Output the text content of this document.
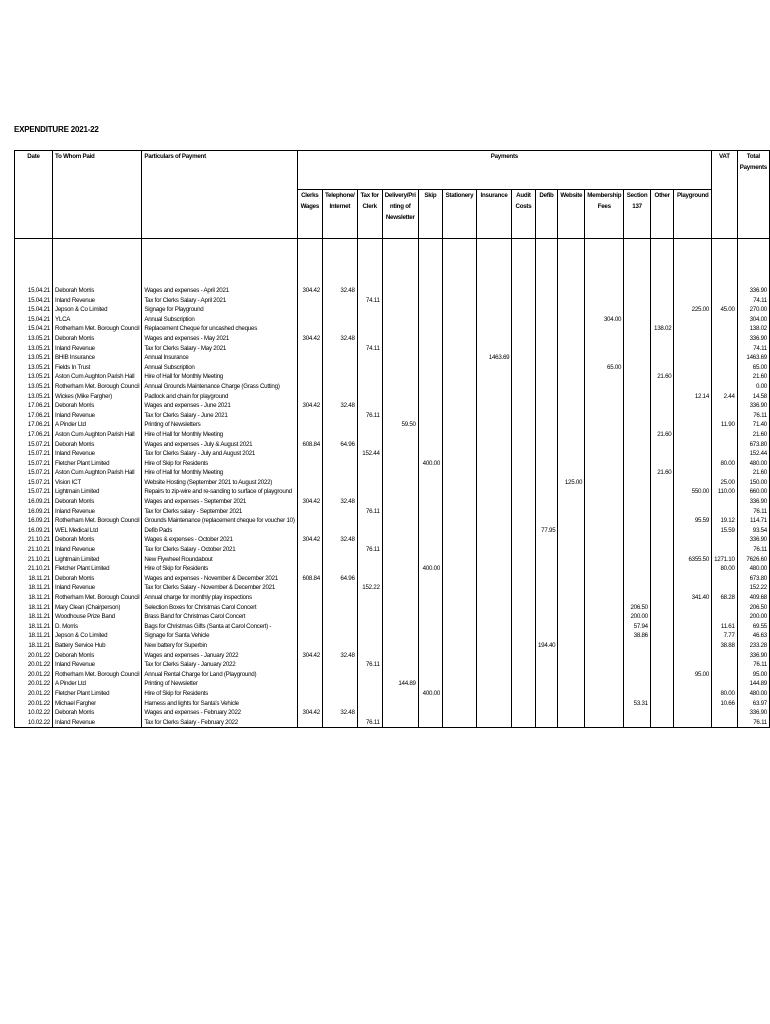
EXPENDITURE 2021-22
Date	To Whom Paid	Particulars of Payment	Payments														VAT	Total Payments
			Clerks Wages	Telephone/ Internet	Tax for Clerk	Delivery/Pri nting of Newsletter	Skip	Stationery	Insurance	Audit Costs	Defib	Website	Membership Fees	Section 137	Other	Playground		

15.04.21	Deborah Morris	Wages and expenses - April 2021	304.42	32.48														336.90
15.04.21	Inland Revenue	Tax for Clerks Salary - April 2021			74.11													74.11
15.04.21	Jepson & Co Limited	Signage for Playground														225.00	45.00	270.00
15.04.21	YLCA	Annual Subscription											304.00					304.00
15.04.21	Rotherham Met. Borough Council	Replacement Cheque for uncashed cheques													138.02			138.02
13.05.21	Deborah Morris	Wages and expenses - May 2021	304.42	32.48														336.90
13.05.21	Inland Revenue	Tax for Clerks Salary - May 2021			74.11													74.11
13.05.21	BHIB Insurance	Annual Insurance							1463.69									1463.69
13.05.21	Fields In Trust	Annual Subscription											65.00					65.00
13.05.21	Aston Cum Aughton Parish Hall	Hire of Hall for Monthly Meeting													21.60			21.60
13.05.21	Rotherham Met. Borough Council	Annual Grounds Maintenance Charge (Grass Cutting)																0.00
13.05.21	Wickes (Mike Fargher)	Padlock and chain for playground														12.14	2.44	14.58
17.06.21	Deborah Morris	Wages and expenses - June 2021	304.42	32.48														336.90
17.06.21	Inland Revenue	Tax for Clerks Salary - June 2021			76.11													76.11
17.06.21	A Pinder Ltd	Printing of Newsletters				59.50											11.90	71.40
17.06.21	Aston Cum Aughton Parish Hall	Hire of Hall for Monthly Meeting													21.60			21.60
15.07.21	Deborah Morris	Wages and expenses - July & August 2021	608.84	64.96														673.80
15.07.21	Inland Revenue	Tax for Clerks Salary - July and August 2021			152.44													152.44
15.07.21	Fletcher Plant Limited	Hire of Skip for Residents					400.00										80.00	480.00
15.07.21	Aston Cum Aughton Parish Hall	Hire of Hall for Monthly Meeting													21.60			21.60
15.07.21	Vision ICT	Website Hosting (September 2021 to August 2022)										125.00					25.00	150.00
15.07.21	Lightmain Limited	Repairs to zip-wire and re-sanding to surface of playground														550.00	110.00	660.00
16.09.21	Deborah Morris	Wages and expenses - September 2021	304.42	32.48														336.90
16.09.21	Inland Revenue	Tax for Clerks salary - September 2021			76.11													76.11
16.09.21	Rotherham Met. Borough Council	Grounds Maintenance (replacement cheque for voucher 10)														95.59	19.12	114.71
16.09.21	WEL Medical Ltd	Defib Pads									77.95						15.59	93.54
21.10.21	Deborah Morris	Wages & expenses - October 2021	304.42	32.48														336.90
21.10.21	Inland Revenue	Tax for Clerks Salary - October 2021			76.11													76.11
21.10.21	Lightmain Limited	New Flywheel Roundabout														6355.50	1271.10	7626.60
21.10.21	Fletcher Plant Limited	Hire of Skip for Residents					400.00										80.00	480.00
18.11.21	Deborah Morris	Wages and expenses - November & December 2021	608.84	64.96														673.80
18.11.21	Inland Revenue	Tax for Clerks Salary - November & December 2021			152.22													152.22
18.11.21	Rotherham Met. Borough Council	Annual charge for monthly play inspections														341.40	68.28	409.68
18.11.21	Mary Clean (Chairperson)	Selection Boxes for Christmas Carol Concert												206.50				206.50
18.11.21	Woodhouse Prize Band	Brass Band for Christmas Carol Concert												200.00				200.00
18.11.21	D. Morris	Bags for Christmas Gifts (Santa at Carol Concert) -												57.94			11.61	69.55
18.11.21	Jepson & Co Limited	Signage for Santa Vehicle												38.86			7.77	46.63
18.11.21	Battery Service Hub	New battery for Superbin									194.40						38.88	233.28
20.01.22	Deborah Morris	Wages and expenses - January 2022	304.42	32.48														336.90
20.01.22	Inland Revenue	Tax for Clerks Salary - January 2022			76.11													76.11
20.01.22	Rotherham Met. Borough Council	Annual Rental Charge for Land (Playground)														95.00		95.00
20.01.22	A Pinder Ltd	Printing of Newsletter				144.89												144.89
20.01.22	Fletcher Plant Limited	Hire of Skip for Residents					400.00										80.00	480.00
20.01.22	Michael Fargher	Harness and lights for Santa's Vehicle												53.31			10.66	63.97
10.02.22	Deborah Morris	Wages and expenses - February 2022	304.42	32.48														336.90
10.02.22	Inland Revenue	Tax for Clerks Salary - February 2022			76.11													76.11
